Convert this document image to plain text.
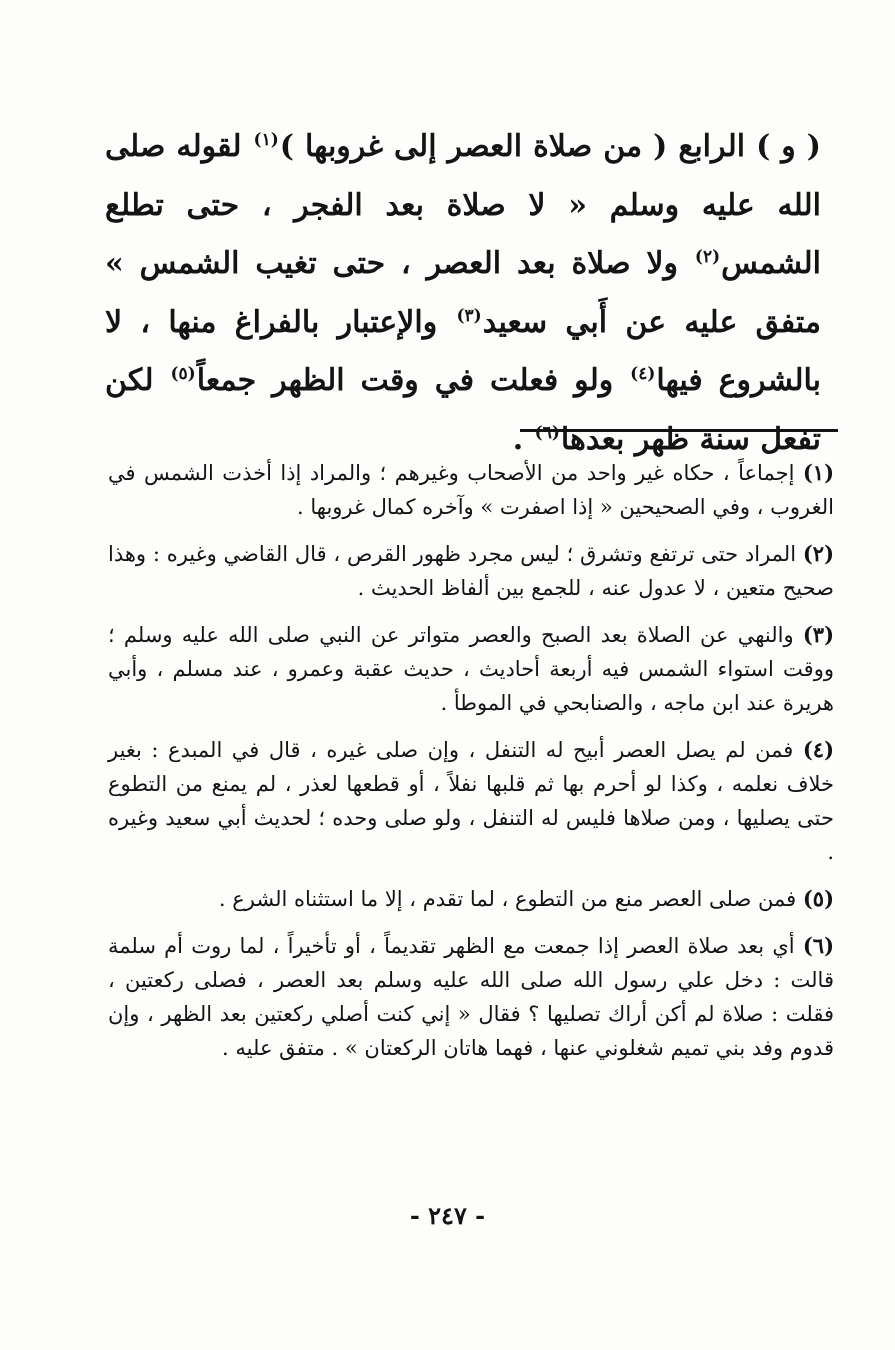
( و ) الرابع ( من صلاة العصر إلى غروبها )$^{(١)}$ لقوله صلى الله عليه وسلم « لا صلاة بعد الفجر ، حتى تطلع الشمس$^{(٢)}$ ولا صلاة بعد العصر ، حتى تغيب الشمس » متفق عليه عن أَبي سعيد$^{(٣)}$ والإعتبار بالفراغ منها ، لا بالشروع فيها$^{(٤)}$ ولو فعلت في وقت الظهر جمعاً$^{(٥)}$ لكن تفعل سنة ظهر بعدها$^{(٦)}$ .

(١) إجماعاً ، حكاه غير واحد من الأصحاب وغيرهم ؛ والمراد إذا أخذت الشمس في الغروب ، وفي الصحيحين « إذا اصفرت » وآخره كمال غروبها .

(٢) المراد حتى ترتفع وتشرق ؛ ليس مجرد ظهور القرص ، قال القاضي وغيره : وهذا صحيح متعين ، لا عدول عنه ، للجمع بين ألفاظ الحديث .

(٣) والنهي عن الصلاة بعد الصبح والعصر متواتر عن النبي صلى الله عليه وسلم ؛ ووقت استواء الشمس فيه أربعة أحاديث ، حديث عقبة وعمرو ، عند مسلم ، وأبي هريرة عند ابن ماجه ، والصنابحي في الموطأ .

(٤) فمن لم يصل العصر أبيح له التنفل ، وإن صلى غيره ، قال في المبدع : بغير خلاف نعلمه ، وكذا لو أحرم بها ثم قلبها نفلاً ، أو قطعها لعذر ، لم يمنع من التطوع حتى يصليها ، ومن صلاها فليس له التنفل ، ولو صلى وحده ؛ لحديث أبي سعيد وغيره .

(٥) فمن صلى العصر منع من التطوع ، لما تقدم ، إلا ما استثناه الشرع .

(٦) أي بعد صلاة العصر إذا جمعت مع الظهر تقديماً ، أو تأخيراً ، لما روت أم سلمة قالت : دخل علي رسول الله صلى الله عليه وسلم بعد العصر ، فصلى ركعتين ، فقلت : صلاة لم أكن أراك تصليها ؟ فقال « إني كنت أصلي ركعتين بعد الظهر ، وإن قدوم وفد بني تميم شغلوني عنها ، فهما هاتان الركعتان » . متفق عليه .

- ٢٤٧ -
